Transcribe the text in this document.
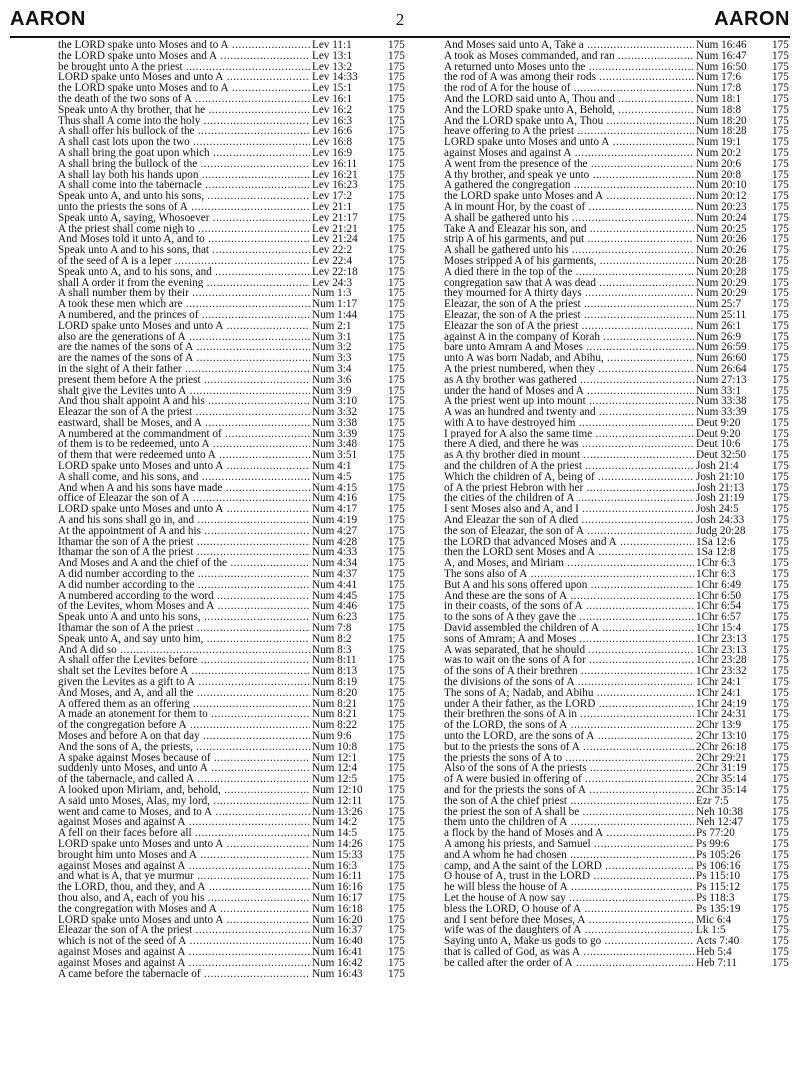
AARON	2	AARON
the LORD spake unto Moses and to A .....	Lev 11:1	175
the LORD spake unto Moses and A .....	Lev 13:1	175
be brought unto A the priest .....	Lev 13:2	175
LORD spake unto Moses and unto A .....	Lev 14:33	175
the LORD spake unto Moses and to A .....	Lev 15:1	175
the death of the two sons of A .....	Lev 16:1	175
Speak unto A thy brother, that he .....	Lev 16:2	175
Thus shall A come into the holy .....	Lev 16:3	175
A shall offer his bullock of the .....	Lev 16:6	175
A shall cast lots upon the two .....	Lev 16:8	175
A shall bring the goat upon which .....	Lev 16:9	175
A shall bring the bullock of the .....	Lev 16:11	175
A shall lay both his hands upon .....	Lev 16:21	175
A shall come into the tabernacle .....	Lev 16:23	175
Speak unto A, and unto his sons, .....	Lev 17:2	175
unto the priests the sons of A .....	Lev 21:1	175
Speak unto A, saying, Whosoever .....	Lev 21:17	175
A the priest shall come nigh to .....	Lev 21:21	175
And Moses told it unto A, and to .....	Lev 21:24	175
Speak unto A and to his sons, that .....	Lev 22:2	175
of the seed of A is a leper .....	Lev 22:4	175
Speak unto A, and to his sons, and .....	Lev 22:18	175
shall A order it from the evening .....	Lev 24:3	175
A shall number them by their .....	Num 1:3	175
A took these men which are .....	Num 1:17	175
A numbered, and the princes of .....	Num 1:44	175
LORD spake unto Moses and unto A .....	Num 2:1	175
also are the generations of A .....	Num 3:1	175
are the names of the sons of A .....	Num 3:2	175
are the names of the sons of A .....	Num 3:3	175
in the sight of A their father .....	Num 3:4	175
present them before A the priest .....	Num 3:6	175
shalt give the Levites unto A .....	Num 3:9	175
And thou shalt appoint A and his .....	Num 3:10	175
Eleazar the son of A the priest .....	Num 3:32	175
eastward, shall be Moses, and A .....	Num 3:38	175
A numbered at the commandment of .....	Num 3:39	175
of them is to be redeemed, unto A .....	Num 3:48	175
of them that were redeemed unto A .....	Num 3:51	175
LORD spake unto Moses and unto A .....	Num 4:1	175
A shall come, and his sons, and .....	Num 4:5	175
And when A and his sons have made .....	Num 4:15	175
office of Eleazar the son of A .....	Num 4:16	175
LORD spake unto Moses and unto A .....	Num 4:17	175
A and his sons shall go in, and .....	Num 4:19	175
At the appointment of A and his .....	Num 4:27	175
Ithamar the son of A the priest .....	Num 4:28	175
Ithamar the son of A the priest .....	Num 4:33	175
And Moses and A and the chief of the .....	Num 4:34	175
A did number according to the .....	Num 4:37	175
A did number according to the .....	Num 4:41	175
A numbered according to the word .....	Num 4:45	175
of the Levites, whom Moses and A .....	Num 4:46	175
Speak unto A and unto his sons, .....	Num 6:23	175
Ithamar the son of A the priest .....	Num 7:8	175
Speak unto A, and say unto him, .....	Num 8:2	175
And A did so .....	Num 8:3	175
A shall offer the Levites before .....	Num 8:11	175
shalt set the Levites before A .....	Num 8:13	175
given the Levites as a gift to A .....	Num 8:19	175
And Moses, and A, and all the .....	Num 8:20	175
A offered them as an offering .....	Num 8:21	175
A made an atonement for them to .....	Num 8:21	175
of the congregation before A .....	Num 8:22	175
Moses and before A on that day .....	Num 9:6	175
And the sons of A, the priests, .....	Num 10:8	175
A spake against Moses because of .....	Num 12:1	175
suddenly unto Moses, and unto A .....	Num 12:4	175
of the tabernacle, and called A .....	Num 12:5	175
A looked upon Miriam, and, behold, .....	Num 12:10 175
A said unto Moses, Alas, my lord, .....	Num 12:11 175
went and came to Moses, and to A .....	Num 13:26 175
against Moses and against A .....	Num 14:2	175
A fell on their faces before all .....	Num 14:5	175
LORD spake unto Moses and unto A .....	Num 14:26 175
brought him unto Moses and A .....	Num 15:33 175
against Moses and against A .....	Num 16:3	175
and what is A, that ye murmur .....	Num 16:11 175
the LORD, thou, and they, and A .....	Num 16:16 175
thou also, and A, each of you his .....	Num 16:17 175
the congregation with Moses and A .....	Num 16:18 175
LORD spake unto Moses and unto A .....	Num 16:20 175
Eleazar the son of A the priest .....	Num 16:37 175
which is not of the seed of A .....	Num 16:40 175
against Moses and against A .....	Num 16:41 175
against Moses and against A .....	Num 16:42 175
A came before the tabernacle of .....	Num 16:43 175
And Moses said unto A, Take a .....	Num 16:46 175
A took as Moses commanded, and ran .....	Num 16:47 175
A returned unto Moses unto the .....	Num 16:50 175
the rod of A was among their rods .....	Num 17:6	175
the rod of A for the house of .....	Num 17:8	175
And the LORD said unto A, Thou and .....	Num 18:1	175
And the LORD spake unto A, Behold, .....	Num 18:8	175
And the LORD spake unto A, Thou .....	Num 18:20 175
heave offering to A the priest .....	Num 18:28 175
LORD spake unto Moses and unto A .....	Num 19:1	175
against Moses and against A .....	Num 20:2	175
A went from the presence of the .....	Num 20:6	175
A thy brother, and speak ye unto .....	Num 20:8	175
A gathered the congregation .....	Num 20:10 175
the LORD spake unto Moses and A .....	Num 20:12 175
A in mount Hor, by the coast of .....	Num 20:23 175
A shall be gathered unto his .....	Num 20:24 175
Take A and Eleazar his son, and .....	Num 20:25 175
strip A of his garments, and put .....	Num 20:26 175
A shall be gathered unto his .....	Num 20:26 175
Moses stripped A of his garments, .....	Num 20:28 175
A died there in the top of the .....	Num 20:28 175
congregation saw that A was dead .....	Num 20:29 175
they mourned for A thirty days .....	Num 20:29 175
Eleazar, the son of A the priest .....	Num 25:7	175
Eleazar, the son of A the priest .....	Num 25:11 175
Eleazar the son of A the priest .....	Num 26:1	175
against A in the company of Korah .....	Num 26:9	175
bare unto Amram A and Moses .....	Num 26:59 175
unto A was born Nadab, and Abihu, .....	Num 26:60 175
A the priest numbered, when they .....	Num 26:64 175
as A thy brother was gathered .....	Num 27:13 175
under the hand of Moses and A .....	Num 33:1	175
A the priest went up into mount .....	Num 33:38 175
A was an hundred and twenty and .....	Num 33:39 175
with A to have destroyed him .....	Deut 9:20	175
I prayed for A also the same time .....	Deut 9:20	175
there A died, and there he was .....	Deut 10:6	175
as A thy brother died in mount .....	Deut 32:50 175
and the children of A the priest .....	Josh 21:4	175
Which the children of A, being of .....	Josh 21:10 175
of A the priest Hebron with her .....	Josh 21:13 175
the cities of the children of A .....	Josh 21:19 175
I sent Moses also and A, and I .....	Josh 24:5	175
And Eleazar the son of A died .....	Josh 24:33 175
the son of Eleazar, the son of A .....	Judg 20:28 175
the LORD that advanced Moses and A .....	1Sa 12:6	175
then the LORD sent Moses and A .....	1Sa 12:8	175
A, and Moses, and Miriam .....	1Chr 6:3	175
The sons also of A .....	1Chr 6:3	175
But A and his sons offered upon .....	1Chr 6:49	175
And these are the sons of A .....	1Chr 6:50	175
in their coasts, of the sons of A .....	1Chr 6:54	175
to the sons of A they gave the .....	1Chr 6:57	175
David assembled the children of A .....	1Chr 15:4	175
sons of Amram; A and Moses .....	1Chr 23:13 175
A was separated, that he should .....	1Chr 23:13 175
was to wait on the sons of A for .....	1Chr 23:28 175
of the sons of A their brethren .....	1Chr 23:32 175
the divisions of the sons of A .....	1Chr 24:1	175
The sons of A; Nadab, and Abihu .....	1Chr 24:1	175
under A their father, as the LORD .....	1Chr 24:19 175
their brethren the sons of A in .....	1Chr 24:31 175
of the LORD, the sons of A .....	2Chr 13:9	175
unto the LORD, are the sons of A .....	2Chr 13:10 175
but to the priests the sons of A .....	2Chr 26:18 175
the priests the sons of A to .....	2Chr 29:21 175
Also of the sons of A the priests .....	2Chr 31:19 175
of A were busied in offering of .....	2Chr 35:14 175
and for the priests the sons of A .....	2Chr 35:14 175
the son of A the chief priest .....	Ezr 7:5	175
the priest the son of A shall be .....	Neh 10:38	175
them unto the children of A .....	Neh 12:47	175
a flock by the hand of Moses and A .....	Ps 77:20	175
A among his priests, and Samuel .....	Ps 99:6	175
and A whom he had chosen .....	Ps 105:26	175
camp, and A the saint of the LORD .....	Ps 106:16	175
O house of A, trust in the LORD .....	Ps 115:10	175
he will bless the house of A .....	Ps 115:12	175
Let the house of A now say .....	Ps 118:3	175
bless the LORD, O house of A .....	Ps 135:19	175
and I sent before thee Moses, A .....	Mic 6:4	175
wife was of the daughters of A .....	Lk 1:5	175
Saying unto A, Make us gods to go .....	Acts 7:40	175
that is called of God, as was A .....	Heb 5:4	175
be called after the order of A .....	Heb 7:11	175
